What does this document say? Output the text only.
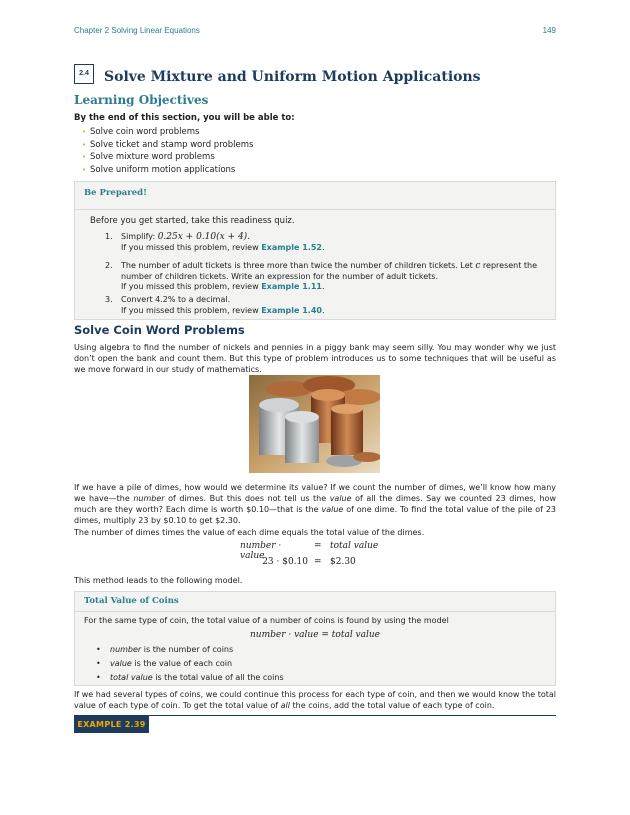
Chapter 2 Solving Linear Equations	149
2.4	Solve Mixture and Uniform Motion Applications
Learning Objectives
By the end of this section, you will be able to:
• Solve coin word problems
• Solve ticket and stamp word problems
• Solve mixture word problems
• Solve uniform motion applications
Be Prepared!
Before you get started, take this readiness quiz.
1. Simplify: 0.25x + 0.10(x + 4).
If you missed this problem, review Example 1.52.
2. The number of adult tickets is three more than twice the number of children tickets. Let c represent the number of children tickets. Write an expression for the number of adult tickets.
If you missed this problem, review Example 1.11.
3. Convert 4.2% to a decimal.
If you missed this problem, review Example 1.40.
Solve Coin Word Problems
Using algebra to find the number of nickels and pennies in a piggy bank may seem silly. You may wonder why we just don’t open the bank and count them. But this type of problem introduces us to some techniques that will be useful as we move forward in our study of mathematics.
If we have a pile of dimes, how would we determine its value? If we count the number of dimes, we’ll know how many we have—the number of dimes. But this does not tell us the value of all the dimes. Say we counted 23 dimes, how much are they worth? Each dime is worth $0.10—that is the value of one dime. To find the total value of the pile of 23 dimes, multiply 23 by $0.10 to get $2.30.
The number of dimes times the value of each dime equals the total value of the dimes.
number · value
= total value
23 · $0.10 = $2.30
This method leads to the following model.
Total Value of Coins
For the same type of coin, the total value of a number of coins is found by using the model
number · value = total value
• number is the number of coins
• value is the value of each coin
• total value is the total value of all the coins
If we had several types of coins, we could continue this process for each type of coin, and then we would know the total value of each type of coin. To get the total value of all the coins, add the total value of each type of coin.
EXAMPLE 2.39
